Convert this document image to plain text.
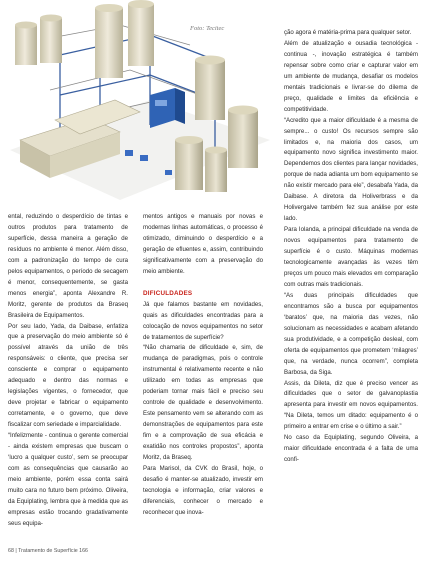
Foto: Tecitec

ental, reduzindo o desperdício de tintas e outros produtos para tratamento de superfície, dessa maneira a geração de resíduos no ambiente é menor. Além disso, com a padronização do tempo de cura pelos equipamentos, o período de secagem é menor, consequentemente, se gasta menos energia”, aponta Alexandre R. Moritz, gerente de produtos da Braseq Brasileira de Equipamentos.

Por seu lado, Yada, da Daibase, enfatiza que a preservação do meio ambiente só é possível através da união de três responsáveis: o cliente, que precisa ser consciente e comprar o equipamento adequado e dentro das normas e legislações vigentes, o fornecedor, que deve projetar e fabricar o equipamento corretamente, e o governo, que deve fiscalizar com seriedade e imparcialidade.

“Infelizmente - continua o gerente comercial - ainda existem empresas que buscam o ‘lucro a qualquer custo’, sem se preocupar com as consequências que causarão ao meio ambiente, porém essa conta sairá muito cara no futuro bem próximo. Oliveira, da Equiplating, lembra que à medida que as empresas estão trocando gradativamente seus equipa-

mentos antigos e manuais por novas e modernas linhas automáticas, o processo é otimizado, diminuindo o desperdício e a geração de efluentes e, assim, contribuindo significativamente com a preservação do meio ambiente.

DIFICULDADES

Já que falamos bastante em novidades, quais as dificuldades encontradas para a colocação de novos equipamentos no setor de tratamentos de superfície?

“Não chamaria de dificuldade e, sim, de mudança de paradigmas, pois o controle instrumental é relativamente recente e não utilizado em todas as empresas que poderiam tornar mais fácil e preciso seu controle de qualidade e desenvolvimento. Este pensamento vem se alterando com as demonstrações de equipamentos para este fim e a comprovação de sua eficácia e exatidão nos controles propostos”, aponta Moritz, da Braseq.

Para Marisol, da CVK do Brasil, hoje, o desafio é manter-se atualizado, investir em tecnologia e informação, criar valores e diferenciais, conhecer o mercado e reconhecer que inova-

ção agora é matéria-prima para qualquer setor.

Além de atualização e ousadia tecnológica - continua -, inovação estratégica é também repensar sobre como criar e capturar valor em um ambiente de mudança, desafiar os modelos mentais tradicionais e livrar-se do dilema de preço, qualidade e limites da eficiência e competitividade.

“Acredito que a maior dificuldade é a mesma de sempre... o custo! Os recursos sempre são limitados e, na maioria dos casos, um equipamento novo significa investimento maior. Dependemos dos clientes para lançar novidades, porque de nada adianta um bom equipamento se não existir mercado para ele”, desabafa Yada, da Daibase. A diretora da Holiverbrass e da Holivergalve também fez sua análise por este lado.

Para Iolanda, a principal dificuldade na venda de novos equipamentos para tratamento de superfície é o custo. Máquinas modernas tecnologicamente avançadas às vezes têm preços um pouco mais elevados em comparação com outras mais tradicionais.

“As duas principais dificuldades que encontramos são a busca por equipamentos ‘baratos’ que, na maioria das vezes, não solucionam as necessidades e acabam afetando sua produtividade, e a competição desleal, com oferta de equipamentos que prometem ‘milagres’ que, na verdade, nunca ocorrem”, completa Barbosa, da Siga.

Assis, da Dileta, diz que é preciso vencer as dificuldades que o setor de galvanoplastia apresenta para investir em novos equipamentos. “Na Dileta, temos um ditado: equipamento é o primeiro a entrar em crise e o último a sair.”

No caso da Equiplating, segundo Oliveira, a maior dificuldade encontrada é a falta de uma confi-

68 | Tratamento de Superfície 166
